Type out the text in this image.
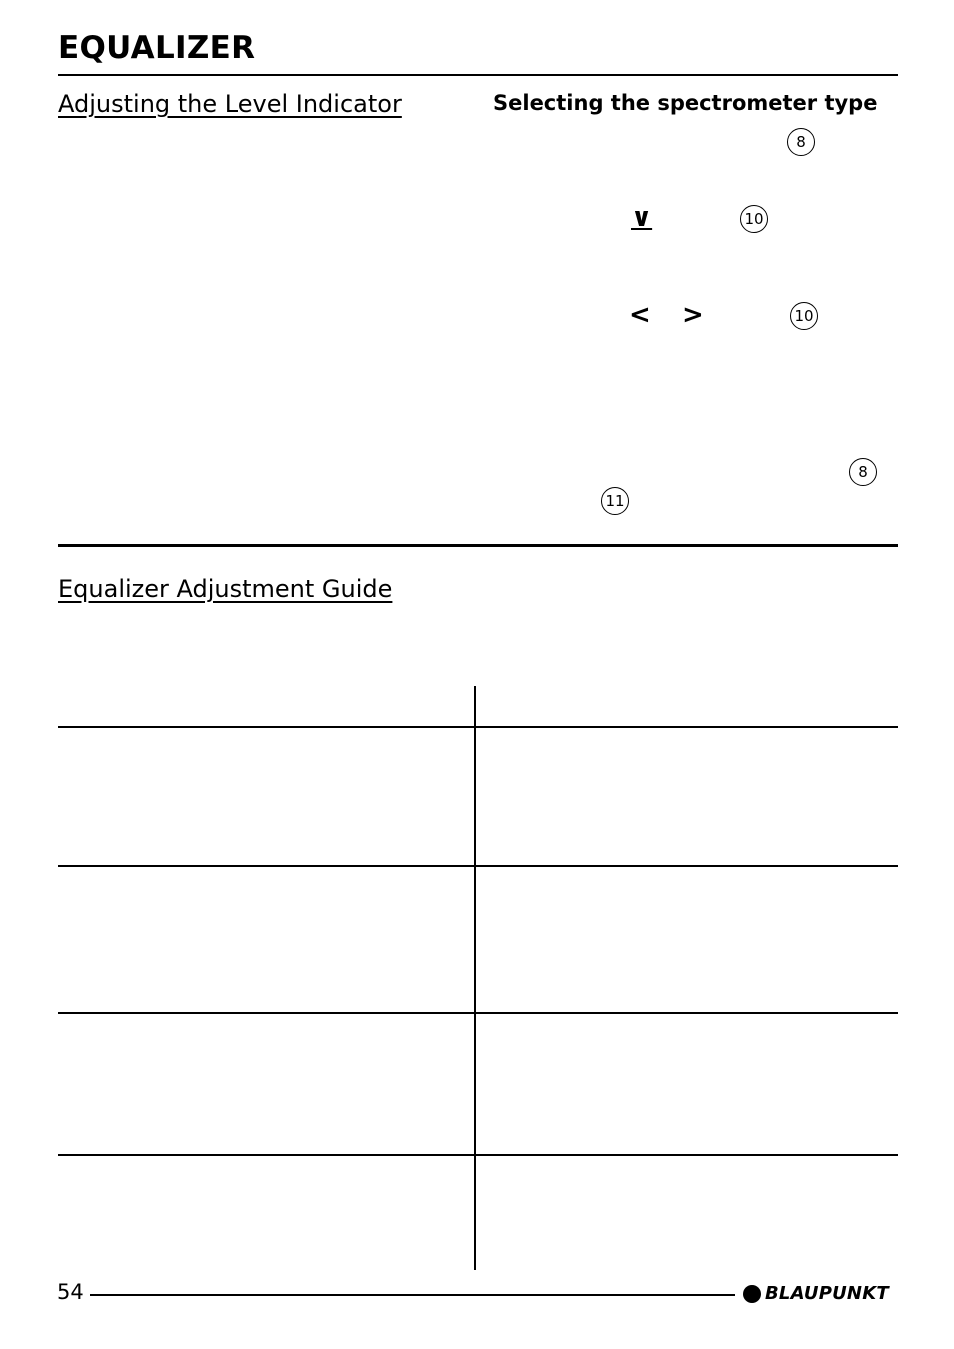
EQUALIZER
Adjusting the Level Indicator	Selecting the spectrometer type
8
∨	10
< >	10
8
11
Equalizer Adjustment Guide
54	BLAUPUNKT
